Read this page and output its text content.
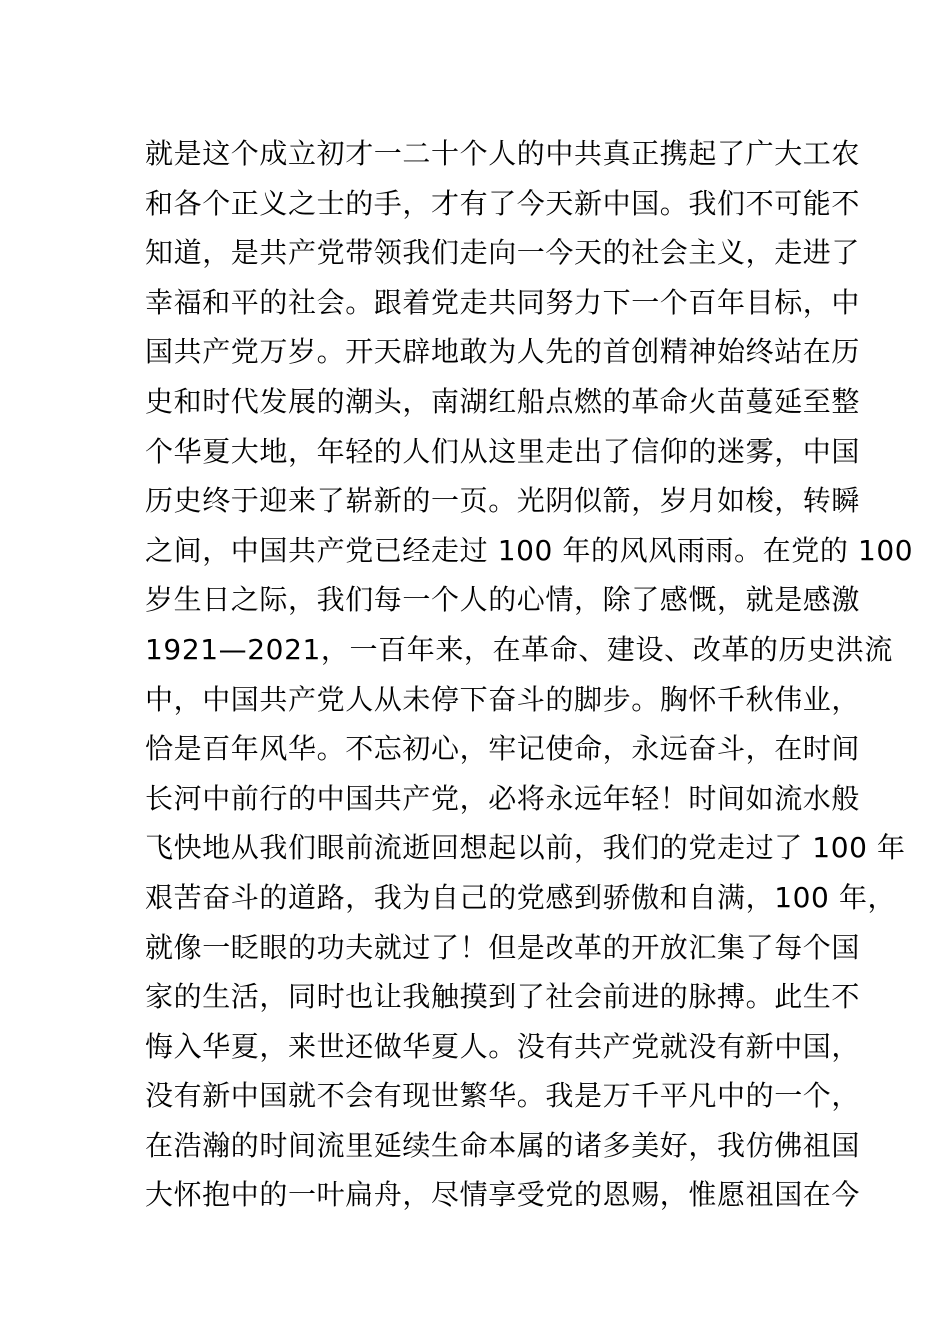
就是这个成立初才一二十个人的中共真正携起了广大工农
和各个正义之士的手，才有了今天新中国。我们不可能不
知道，是共产党带领我们走向一今天的社会主义，走进了
幸福和平的社会。跟着党走共同努力下一个百年目标，中
国共产党万岁。开天辟地敢为人先的首创精神始终站在历
史和时代发展的潮头，南湖红船点燃的革命火苗蔓延至整
个华夏大地，年轻的人们从这里走出了信仰的迷雾，中国
历史终于迎来了崭新的一页。光阴似箭，岁月如梭，转瞬
之间，中国共产党已经走过 100 年的风风雨雨。在党的 100
岁生日之际，我们每一个人的心情，除了感慨，就是感激
1921—2021，一百年来，在革命、建设、改革的历史洪流
中，中国共产党人从未停下奋斗的脚步。胸怀千秋伟业，
恰是百年风华。不忘初心，牢记使命，永远奋斗，在时间
长河中前行的中国共产党，必将永远年轻！时间如流水般
飞快地从我们眼前流逝回想起以前，我们的党走过了 100 年
艰苦奋斗的道路，我为自己的党感到骄傲和自满，100 年，
就像一眨眼的功夫就过了！但是改革的开放汇集了每个国
家的生活，同时也让我触摸到了社会前进的脉搏。此生不
悔入华夏，来世还做华夏人。没有共产党就没有新中国，
没有新中国就不会有现世繁华。我是万千平凡中的一个，
在浩瀚的时间流里延续生命本属的诸多美好，我仿佛祖国
大怀抱中的一叶扁舟，尽情享受党的恩赐，惟愿祖国在今
